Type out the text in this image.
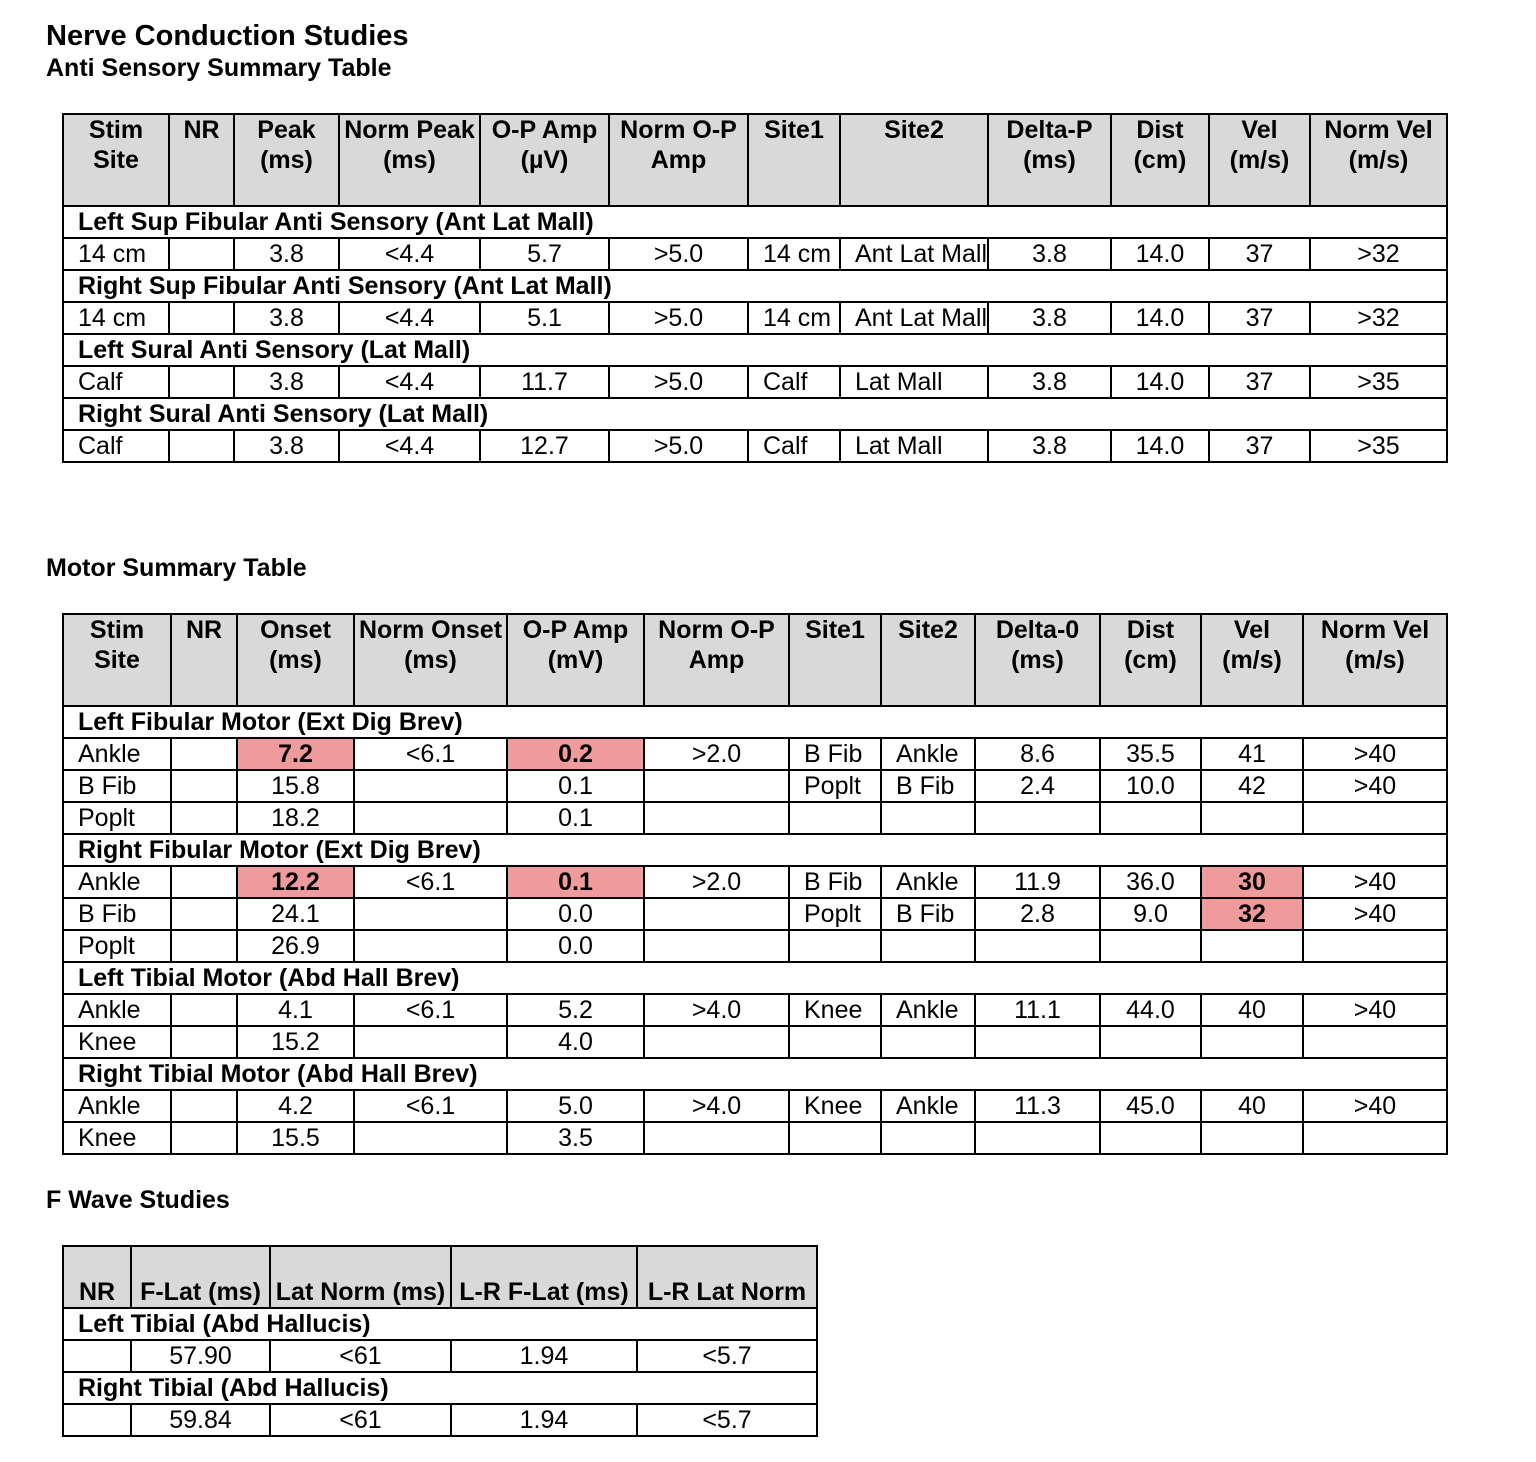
Nerve Conduction Studies
Anti Sensory Summary Table
Stim Site	NR	Peak (ms)	Norm Peak (ms)	O-P Amp (µV)	Norm O-P Amp	Site1	Site2	Delta-P (ms)	Dist (cm)	Vel (m/s)	Norm Vel (m/s)
Left Sup Fibular Anti Sensory (Ant Lat Mall)											
14 cm		3.8	<4.4	5.7	>5.0	14 cm	Ant Lat Mall	3.8	14.0	37	>32
Right Sup Fibular Anti Sensory (Ant Lat Mall)											
14 cm		3.8	<4.4	5.1	>5.0	14 cm	Ant Lat Mall	3.8	14.0	37	>32
Left Sural Anti Sensory (Lat Mall)											
Calf		3.8	<4.4	11.7	>5.0	Calf	Lat Mall	3.8	14.0	37	>35
Right Sural Anti Sensory (Lat Mall)											
Calf		3.8	<4.4	12.7	>5.0	Calf	Lat Mall	3.8	14.0	37	>35
Motor Summary Table
Stim Site	NR	Onset (ms)	Norm Onset (ms)	O-P Amp (mV)	Norm O-P Amp	Site1	Site2	Delta-0 (ms)	Dist (cm)	Vel (m/s)	Norm Vel (m/s)
Left Fibular Motor (Ext Dig Brev)											
Ankle		7.2	<6.1	0.2	>2.0	B Fib	Ankle	8.6	35.5	41	>40
B Fib		15.8		0.1		Poplt	B Fib	2.4	10.0	42	>40
Poplt		18.2		0.1							
Right Fibular Motor (Ext Dig Brev)											
Ankle		12.2	<6.1	0.1	>2.0	B Fib	Ankle	11.9	36.0	30	>40
B Fib		24.1		0.0		Poplt	B Fib	2.8	9.0	32	>40
Poplt		26.9		0.0							
Left Tibial Motor (Abd Hall Brev)											
Ankle		4.1	<6.1	5.2	>4.0	Knee	Ankle	11.1	44.0	40	>40
Knee		15.2		4.0							
Right Tibial Motor (Abd Hall Brev)											
Ankle		4.2	<6.1	5.0	>4.0	Knee	Ankle	11.3	45.0	40	>40
Knee		15.5		3.5							
F Wave Studies
NR	F-Lat (ms)	Lat Norm (ms)	L-R F-Lat (ms)	L-R Lat Norm
Left Tibial (Abd Hallucis)				
	57.90	<61	1.94	<5.7
Right Tibial (Abd Hallucis)				
	59.84	<61	1.94	<5.7
